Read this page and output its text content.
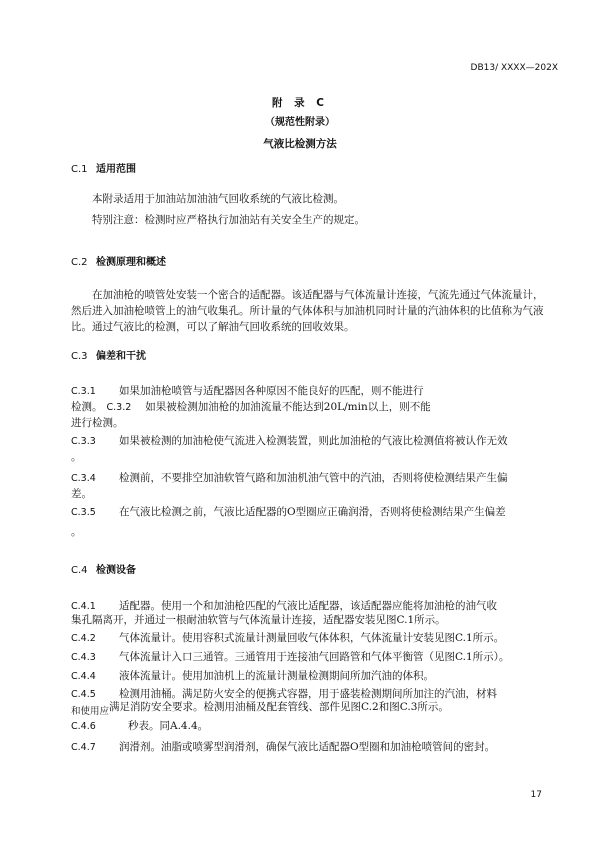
DB13/ XXXX—202X
附 录 C
（规范性附录）
气液比检测方法
C.1 适用范围
本附录适用于加油站加油油气回收系统的气液比检测。
特别注意：检测时应严格执行加油站有关安全生产的规定。
C.2 检测原理和概述
在加油枪的喷管处安装一个密合的适配器。该适配器与气体流量计连接，气流先通过气体流量计，然后进入加油枪喷管上的油气收集孔。所计量的气体体积与加油机同时计量的汽油体积的比值称为气液比。通过气液比的检测，可以了解油气回收系统的回收效果。
C.3 偏差和干扰
C.3.1 如果加油枪喷管与适配器因各种原因不能良好的匹配，则不能进行
检测。 C.3.2 如果被检测加油枪的加油流量不能达到20L/min以上，则不能
进行检测。
C.3.3 如果被检测的加油枪使气流进入检测装置，则此加油枪的气液比检测值将被认作无效
。
C.3.4 检测前，不要排空加油软管气路和加油机油气管中的汽油，否则将使检测结果产生偏
差。
C.3.5 在气液比检测之前，气液比适配器的O型圈应正确润滑，否则将使检测结果产生偏差
。
C.4 检测设备
C.4.1 适配器。使用一个和加油枪匹配的气液比适配器，该适配器应能将加油枪的油气收
集孔隔离开，并通过一根耐油软管与气体流量计连接，适配器安装见图C.1所示。
C.4.2 气体流量计。使用容积式流量计测量回收气体体积，气体流量计安装见图C.1所示。
C.4.3 气体流量计入口三通管。三通管用于连接油气回路管和气体平衡管（见图C.1所示）。
C.4.4 液体流量计。使用加油机上的流量计测量检测期间所加汽油的体积。
C.4.5 检测用油桶。满足防火安全的便携式容器，用于盛装检测期间所加注的汽油，材料
和使用应满足消防安全要求。检测用油桶及配套管线、部件见图C.2和图C.3所示。
C.4.6	秒表。同A.4.4。
C.4.7 润滑剂。油脂或喷雾型润滑剂，确保气液比适配器O型圈和加油枪喷管间的密封。
17
